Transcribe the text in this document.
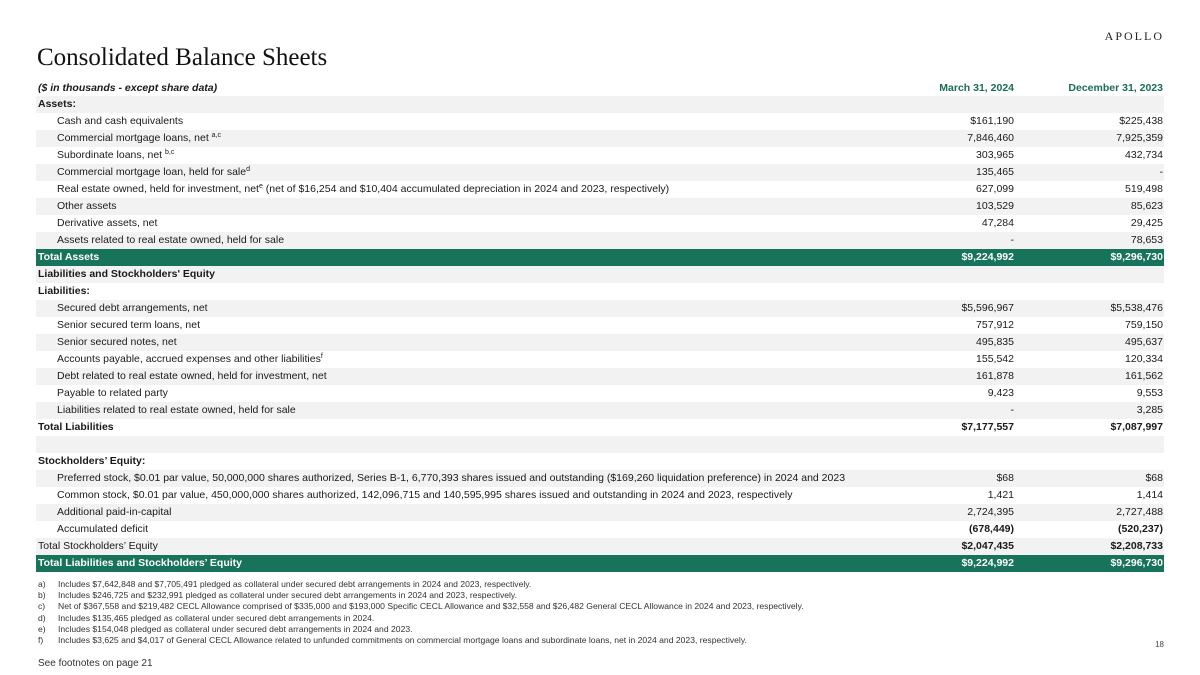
APOLLO
Consolidated Balance Sheets
($ in thousands - except share data)	March 31, 2024	December 31, 2023
Assets:
Cash and cash equivalents	$161,190	$225,438
Commercial mortgage loans, net $^{a,c}$	7,846,460	7,925,359
Subordinate loans, net $^{b,c}$	303,965	432,734
Commercial mortgage loan, held for sale$^d$	135,465	-
Real estate owned, held for investment, net$^e$ (net of $16,254 and $10,404 accumulated depreciation in 2024 and 2023, respectively)	627,099	519,498
Other assets	103,529	85,623
Derivative assets, net	47,284	29,425
Assets related to real estate owned, held for sale	-	78,653
Total Assets	$9,224,992	$9,296,730
Liabilities and Stockholders' Equity
Liabilities:
Secured debt arrangements, net	$5,596,967	$5,538,476
Senior secured term loans, net	757,912	759,150
Senior secured notes, net	495,835	495,637
Accounts payable, accrued expenses and other liabilities$^f$	155,542	120,334
Debt related to real estate owned, held for investment, net	161,878	161,562
Payable to related party	9,423	9,553
Liabilities related to real estate owned, held for sale	-	3,285
Total Liabilities	$7,177,557	$7,087,997
Stockholders’ Equity:
Preferred stock, $0.01 par value, 50,000,000 shares authorized, Series B-1, 6,770,393 shares issued and outstanding ($169,260 liquidation preference) in 2024 and 2023	$68	$68
Common stock, $0.01 par value, 450,000,000 shares authorized, 142,096,715 and 140,595,995 shares issued and outstanding in 2024 and 2023, respectively	1,421	1,414
Additional paid-in-capital	2,724,395	2,727,488
Accumulated deficit	(678,449)	(520,237)
Total Stockholders’ Equity	$2,047,435	$2,208,733
Total Liabilities and Stockholders’ Equity	$9,224,992	$9,296,730
a) Includes $7,642,848 and $7,705,491 pledged as collateral under secured debt arrangements in 2024 and 2023, respectively.
b) Includes $246,725 and $232,991 pledged as collateral under secured debt arrangements in 2024 and 2023, respectively.
c) Net of $367,558 and $219,482 CECL Allowance comprised of $335,000 and $193,000 Specific CECL Allowance and $32,558 and $26,482 General CECL Allowance in 2024 and 2023, respectively.
d) Includes $135,465 pledged as collateral under secured debt arrangements in 2024.
e) Includes $154,048 pledged as collateral under secured debt arrangements in 2024 and 2023.
f) Includes $3,625 and $4,017 of General CECL Allowance related to unfunded commitments on commercial mortgage loans and subordinate loans, net in 2024 and 2023, respectively.	18
See footnotes on page 21
